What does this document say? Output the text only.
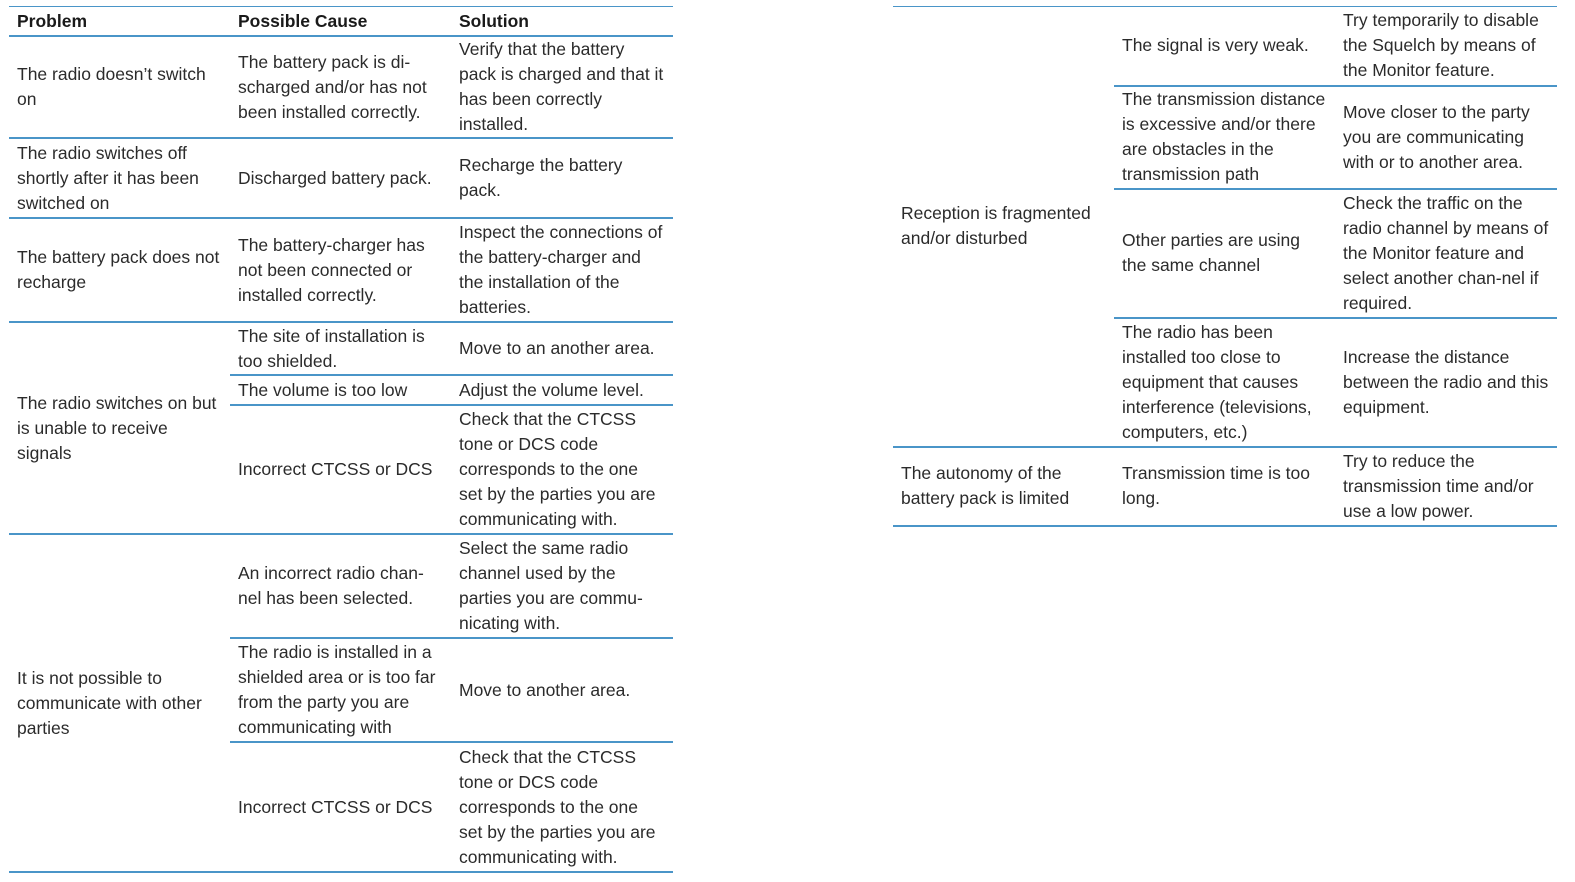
Problem	Possible Cause	Solution
The radio doesn’t switch on	The battery pack is di-scharged and/or has not been installed correctly.	Verify that the battery pack is charged and that it has been correctly installed.
The radio switches off shortly after it has been switched on	Discharged battery pack.	Recharge the battery pack.
The battery pack does not recharge	The battery-charger has not been connected or installed correctly.	Inspect the connections of the battery-charger and the installation of the batteries.
The radio switches on but is unable to receive signals	The site of installation is too shielded.	Move to an another area.
	The volume is too low	Adjust the volume level.
	Incorrect CTCSS or DCS	Check that the CTCSS tone or DCS code corresponds to the one set by the parties you are communicating with.
It is not possible to communicate with other parties	An incorrect radio chan-nel has been selected.	Select the same radio channel used by the parties you are commu-nicating with.
	The radio is installed in a shielded area or is too far from the party you are communicating with	Move to another area.
	Incorrect CTCSS or DCS	Check that the CTCSS tone or DCS code corresponds to the one set by the parties you are communicating with.
Reception is fragmented and/or disturbed	The signal is very weak.	Try temporarily to disable the Squelch by means of the Monitor feature.
	The transmission distance is excessive and/or there are obstacles in the transmission path	Move closer to the party you are communicating with or to another area.
	Other parties are using the same channel	Check the traffic on the radio channel by means of the Monitor feature and select another chan-nel if required.
	The radio has been installed too close to equipment that causes interference (televisions, computers, etc.)	Increase the distance between the radio and this equipment.
The autonomy of the battery pack is limited	Transmission time is too long.	Try to reduce the transmission time and/or use a low power.
